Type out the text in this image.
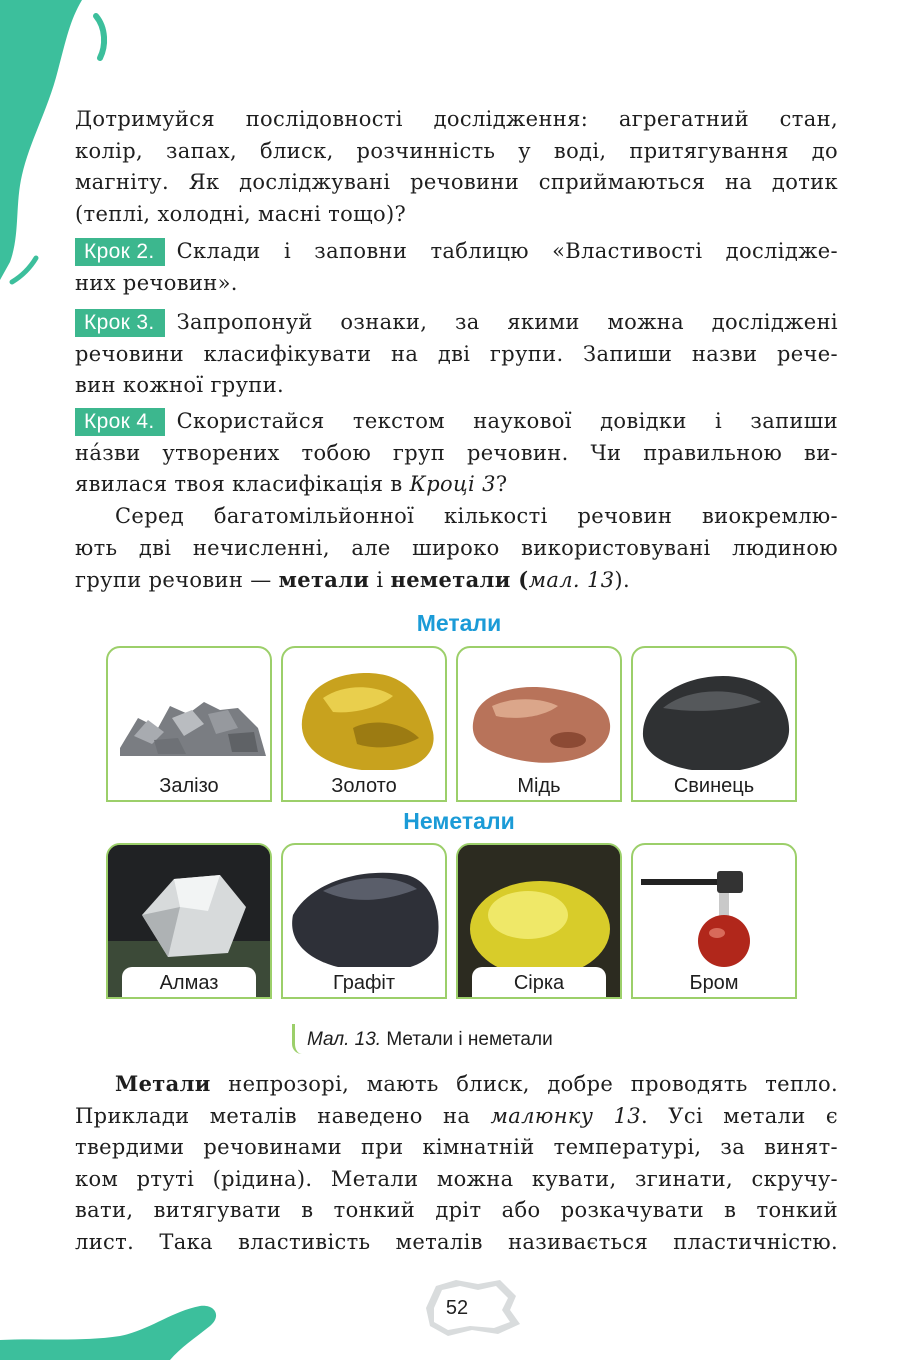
Дотримуйся послідовності дослідження: агрегатний стан,
колір, запах, блиск, розчинність у воді, притягування до
магніту. Як досліджувані речовини сприймаються на дотик
(теплі, холодні, масні тощо)?
Крок 2. Склади і заповни таблицю «Властивості дослідже-
них речовин».
Крок 3. Запропонуй ознаки, за якими можна досліджені
речовини класифікувати на дві групи. Запиши назви рече-
вин кожної групи.
Крок 4. Скористайся текстом наукової довідки і запиши
на́зви утворених тобою груп речовин. Чи правильною ви-
явилася твоя класифікація в Кроці 3?
Серед багатомільйонної кількості речовин виокремлю-
ють дві нечисленні, але широко використовувані людиною
групи речовин — метали і неметали (мал. 13).
Метали
Залізо	Золото	Мідь	Свинець
Неметали
Алмаз	Графіт	Сірка	Бром
Мал. 13. Метали і неметали
Метали непрозорі, мають блиск, добре проводять тепло.
Приклади металів наведено на малюнку 13. Усі метали є
твердими речовинами при кімнатній температурі, за винят-
ком ртуті (рідина). Метали можна кувати, згинати, скручу-
вати, витягувати в тонкий дріт або розкачувати в тонкий
лист. Така властивість металів називається пластичністю.
52
